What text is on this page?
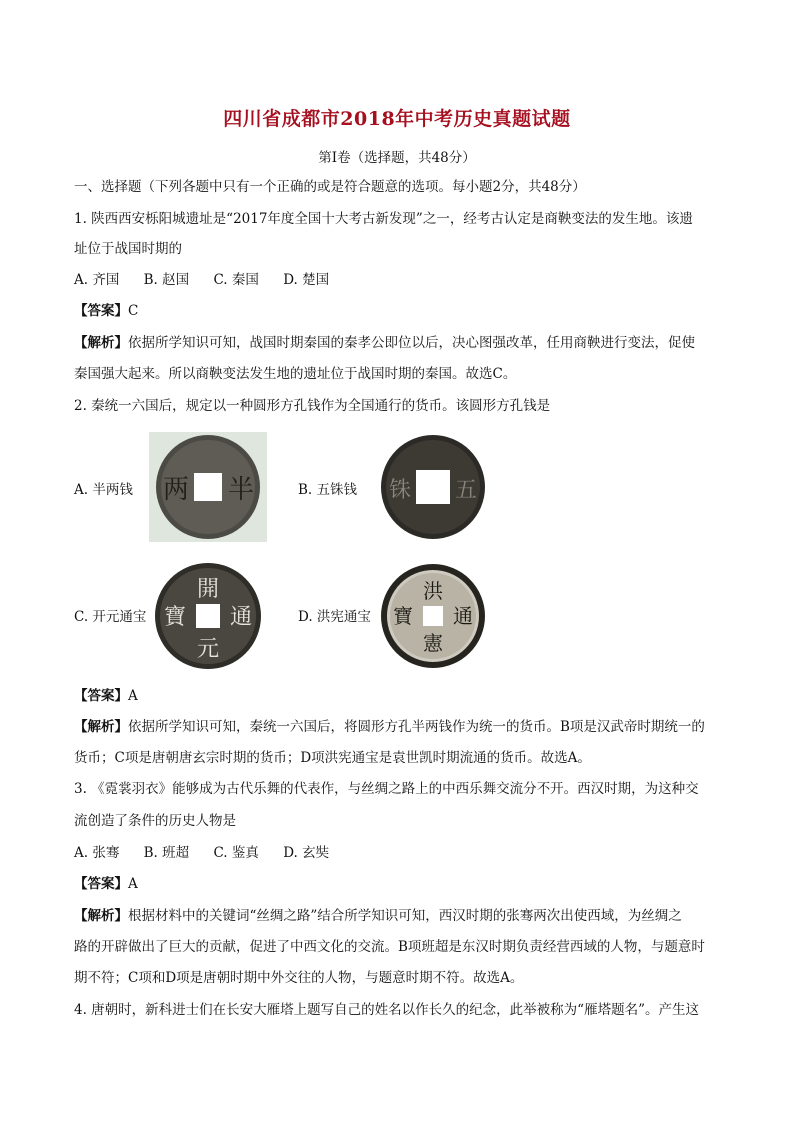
四川省成都市2018年中考历史真题试题
第I卷（选择题，共48分）
一、选择题（下列各题中只有一个正确的或是符合题意的选项。每小题2分，共48分）
1. 陕西西安栎阳城遗址是“2017年度全国十大考古新发现”之一，经考古认定是商鞅变法的发生地。该遗
址位于战国时期的
A. 齐国 B. 赵国 C. 秦国 D. 楚国
【答案】C
【解析】依据所学知识可知，战国时期秦国的秦孝公即位以后，决心图强改革，任用商鞅进行变法，促使
秦国强大起来。所以商鞅变法发生地的遗址位于战国时期的秦国。故选C。
2. 秦统一六国后，规定以一种圆形方孔钱作为全国通行的货币。该圆形方孔钱是
A. 半两钱 两 半	B. 五铢钱 铢 五
C. 开元通宝
開
通
元
寶	D. 洪宪通宝
洪
通
憲
寶
【答案】A
【解析】依据所学知识可知，秦统一六国后，将圆形方孔半两钱作为统一的货币。B项是汉武帝时期统一的
货币；C项是唐朝唐玄宗时期的货币；D项洪宪通宝是袁世凯时期流通的货币。故选A。
3. 《霓裳羽衣》能够成为古代乐舞的代表作，与丝绸之路上的中西乐舞交流分不开。西汉时期，为这种交
流创造了条件的历史人物是
A. 张骞 B. 班超 C. 鉴真 D. 玄奘
【答案】A
【解析】根据材料中的关键词“丝绸之路”结合所学知识可知，西汉时期的张骞两次出使西域，为丝绸之
路的开辟做出了巨大的贡献，促进了中西文化的交流。B项班超是东汉时期负责经营西域的人物，与题意时
期不符；C项和D项是唐朝时期中外交往的人物，与题意时期不符。故选A。
4. 唐朝时，新科进士们在长安大雁塔上题写自己的姓名以作长久的纪念，此举被称为“雁塔题名”。产生这
